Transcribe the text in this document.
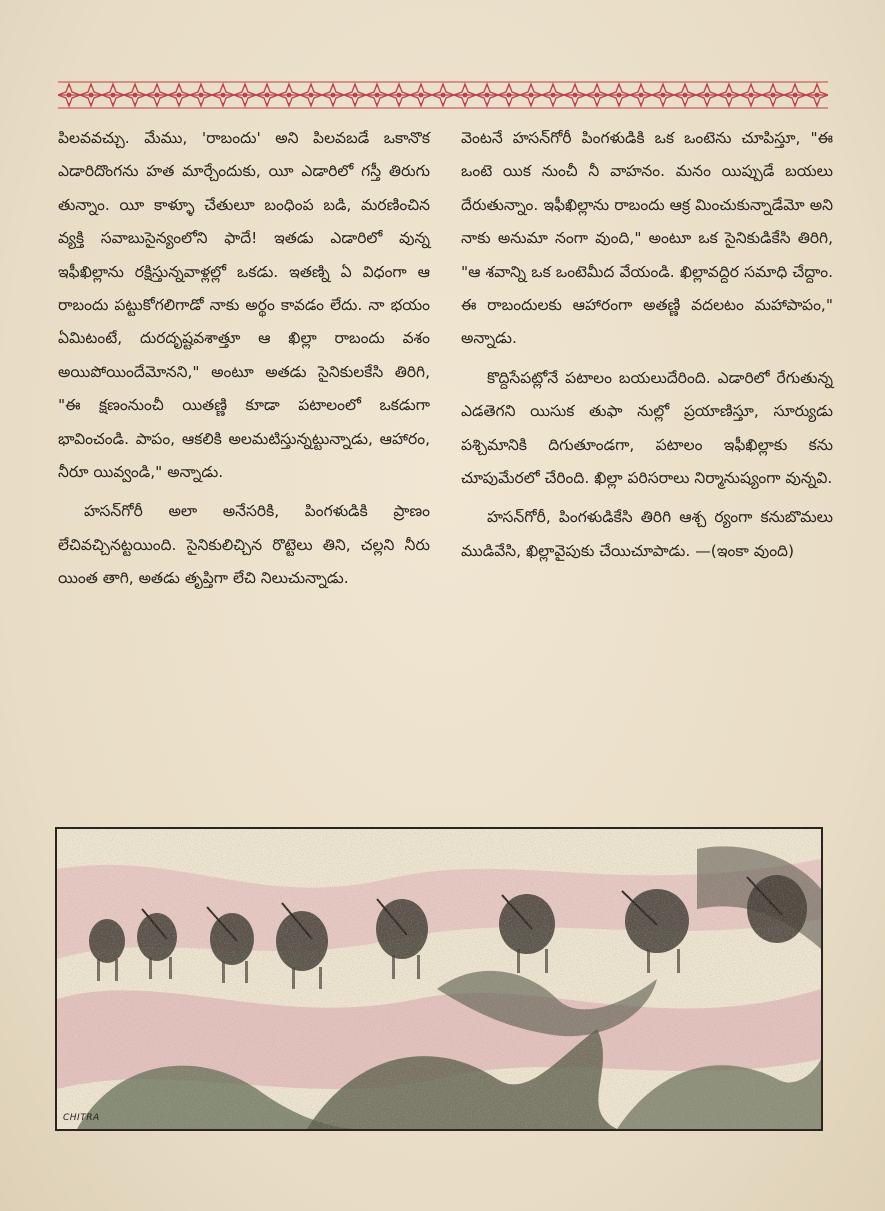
పిలవవచ్చు. మేము, 'రాబందు' అని పిలవబడే ఒకానొక ఎడారిదొంగను హత మార్చేందుకు, యీ ఎడారిలో గస్తీ తిరుగు తున్నాం. యీ కాళ్ళూ చేతులూ బంధింప బడి, మరణించిన వ్యక్తి సవాబుసైన్యంలోని ఫాదే! ఇతడు ఎడారిలో వున్న ఇఫీఖిల్లాను రక్షిస్తున్నవాళ్లల్లో ఒకడు. ఇతణ్ని ఏ విధంగా ఆ రాబందు పట్టుకోగలిగాడో నాకు అర్థం కావడం లేదు. నా భయం ఏమిటంటే, దురదృష్టవశాత్తూ ఆ ఖిల్లా రాబందు వశం అయిపోయిందేమోనని," అంటూ అతడు సైనికులకేసి తిరిగి, "ఈ క్షణంనుంచీ యితణ్ణి కూడా పటాలంలో ఒకడుగా భావించండి. పాపం, ఆకలికి అలమటిస్తున్నట్టున్నాడు, ఆహారం, నీరూ యివ్వండి," అన్నాడు.

హసన్‌గోరీ అలా అనేసరికి, పింగళుడికి ప్రాణం లేచివచ్చినట్టయింది. సైనికులిచ్చిన రొట్టెలు తిని, చల్లని నీరు యింత తాగి, అతడు తృప్తిగా లేచి నిలుచున్నాడు.

వెంటనే హసన్‌గోరీ పింగళుడికి ఒక ఒంటెను చూపిస్తూ, "ఈ ఒంటె యిక నుంచీ నీ వాహనం. మనం యిప్పుడే బయలు దేరుతున్నాం. ఇఫీఖిల్లాను రాబందు ఆక్ర మించుకున్నాడేమో అని నాకు అనుమా నంగా వుంది," అంటూ ఒక సైనికుడికేసి తిరిగి, "ఆ శవాన్ని ఒక ఒంటెమీద వేయండి. ఖిల్లావద్దిర సమాధి చేద్దాం. ఈ రాబందులకు ఆహారంగా అతణ్ణి వదలటం మహాపాపం," అన్నాడు.

కొద్దిసేపట్లోనే పటాలం బయలుదేరింది. ఎడారిలో రేగుతున్న ఎడతెగని యిసుక తుఫా నుల్లో ప్రయాణిస్తూ, సూర్యుడు పశ్చిమానికి దిగుతూండగా, పటాలం ఇఫీఖిల్లాకు కను చూపుమేరలో చేరింది. ఖిల్లా పరిసరాలు నిర్మానుష్యంగా వున్నవి.

హసన్‌గోరీ, పింగళుడికేసి తిరిగి ఆశ్చ ర్యంగా కనుబొమలు ముడివేసి, ఖిల్లావైపుకు చేయిచూపాడు. —(ఇంకా వుంది)

CHITRA
